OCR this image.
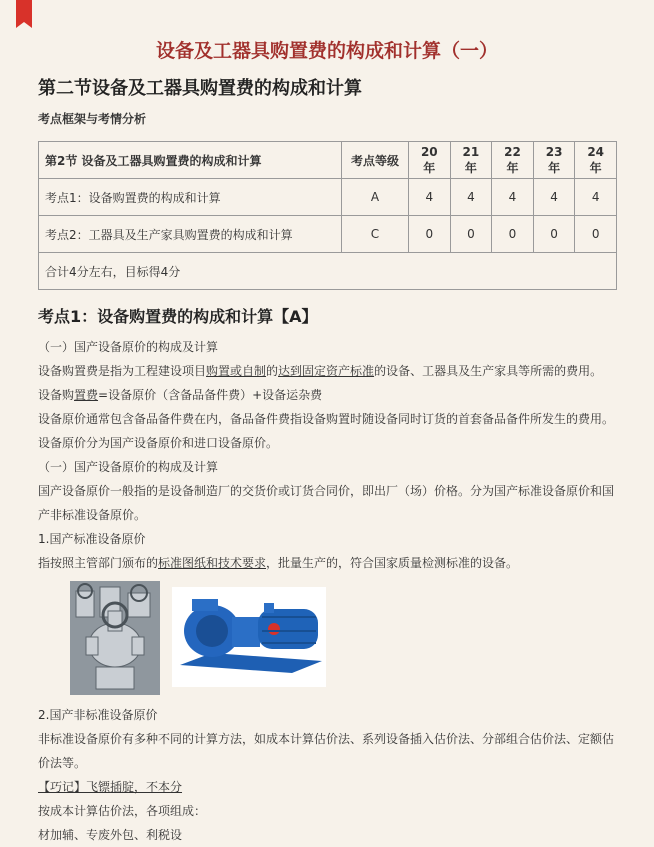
设备及工器具购置费的构成和计算（一）
第二节设备及工器具购置费的构成和计算
考点框架与考情分析
第2节 设备及工器具购置费的构成和计算	考点等级	20年	21年	22年	23年	24年
考点1：设备购置费的构成和计算	A	4	4	4	4	4
考点2：工器具及生产家具购置费的构成和计算	C	0	0	0	0	0
合计4分左右，目标得4分						
考点1：设备购置费的构成和计算【A】

（一）国产设备原价的构成及计算

设备购置费是指为工程建设项目购置或自制的达到固定资产标准的设备、工器具及生产家具等所需的费用。

设备购置费=设备原价（含备品备件费）+设备运杂费

设备原价通常包含备品备件费在内，备品备件费指设备购置时随设备同时订货的首套备品备件所发生的费用。

设备原价分为国产设备原价和进口设备原价。

（一）国产设备原价的构成及计算

国产设备原价一般指的是设备制造厂的交货价或订货合同价，即出厂（场）价格。分为国产标准设备原价和国

产非标准设备原价。

1.国产标准设备原价

指按照主管部门颁布的标准图纸和技术要求，批量生产的，符合国家质量检测标准的设备。

2.国产非标准设备原价

非标准设备原价有多种不同的计算方法，如成本计算估价法、系列设备插入估价法、分部组合估价法、定额估

价法等。

【巧记】飞镖插腚，不本分

按成本计算估价法，各项组成：

材加辅、专废外包、利税设
